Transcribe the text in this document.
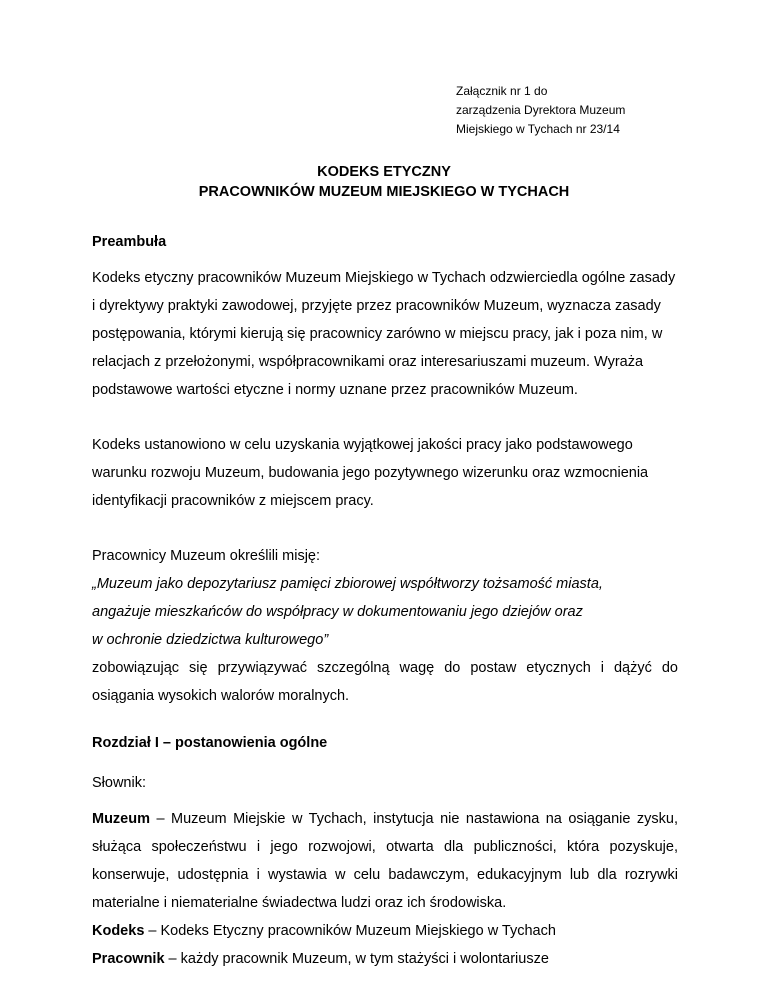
Załącznik nr 1 do
zarządzenia Dyrektora Muzeum
Miejskiego w Tychach nr 23/14
KODEKS ETYCZNY
PRACOWNIKÓW MUZEUM MIEJSKIEGO W TYCHACH

Preambuła

Kodeks etyczny pracowników Muzeum Miejskiego w Tychach odzwierciedla ogólne zasady i dyrektywy praktyki zawodowej, przyjęte przez pracowników Muzeum, wyznacza zasady postępowania, którymi kierują się pracownicy zarówno w miejscu pracy, jak i poza nim, w relacjach z przełożonymi, współpracownikami oraz interesariuszami muzeum. Wyraża podstawowe wartości etyczne i normy uznane przez pracowników Muzeum.

Kodeks ustanowiono w celu uzyskania wyjątkowej jakości pracy jako podstawowego warunku rozwoju Muzeum, budowania jego pozytywnego wizerunku oraz wzmocnienia identyfikacji pracowników z miejscem pracy.

Pracownicy Muzeum określili misję:

„Muzeum jako depozytariusz pamięci zbiorowej współtworzy tożsamość miasta,

angażuje mieszkańców do współpracy w dokumentowaniu jego dziejów oraz

w ochronie dziedzictwa kulturowego”

zobowiązując się przywiązywać szczególną wagę do postaw etycznych i dążyć do osiągania wysokich walorów moralnych.

Rozdział I – postanowienia ogólne

Słownik:

Muzeum – Muzeum Miejskie w Tychach, instytucja nie nastawiona na osiąganie zysku, służąca społeczeństwu i jego rozwojowi, otwarta dla publiczności, która pozyskuje, konserwuje, udostępnia i wystawia w celu badawczym, edukacyjnym lub dla rozrywki materialne i niematerialne świadectwa ludzi oraz ich środowiska.

Kodeks – Kodeks Etyczny pracowników Muzeum Miejskiego w Tychach

Pracownik – każdy pracownik Muzeum, w tym stażyści i wolontariusze
